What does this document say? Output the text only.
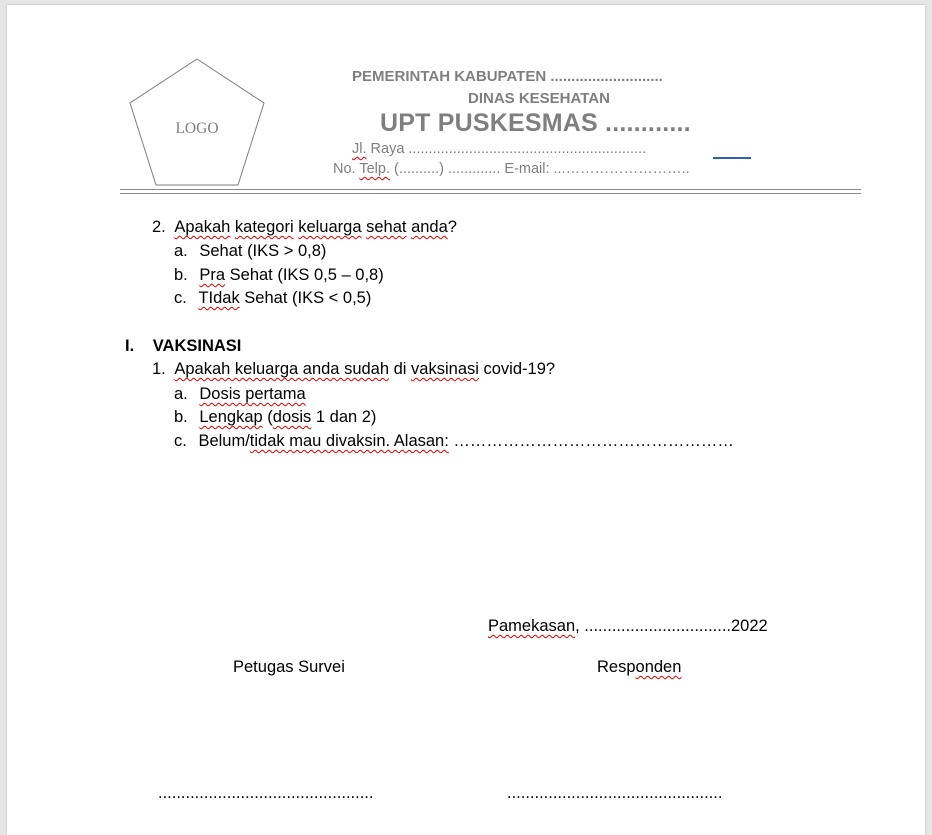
LOGO
PEMERINTAH KABUPATEN ...........................
DINAS KESEHATAN
UPT PUSKESMAS ............
Jl. Raya ...........................................................
No. Telp. (..........) ............. E-mail: ...……………………..
2. Apakah kategori keluarga sehat anda?
a. Sehat (IKS > 0,8)
b. Pra Sehat (IKS 0,5 – 0,8)
c. TIdak Sehat (IKS < 0,5)
I. VAKSINASI
1. Apakah keluarga anda sudah di vaksinasi covid-19?
a. Dosis pertama
b. Lengkap (dosis 1 dan 2)
c. Belum/tidak mau divaksin. Alasan: ……………………………………………
Pamekasan, ................................2022
Petugas Survei	Responden
...............................................	...............................................
